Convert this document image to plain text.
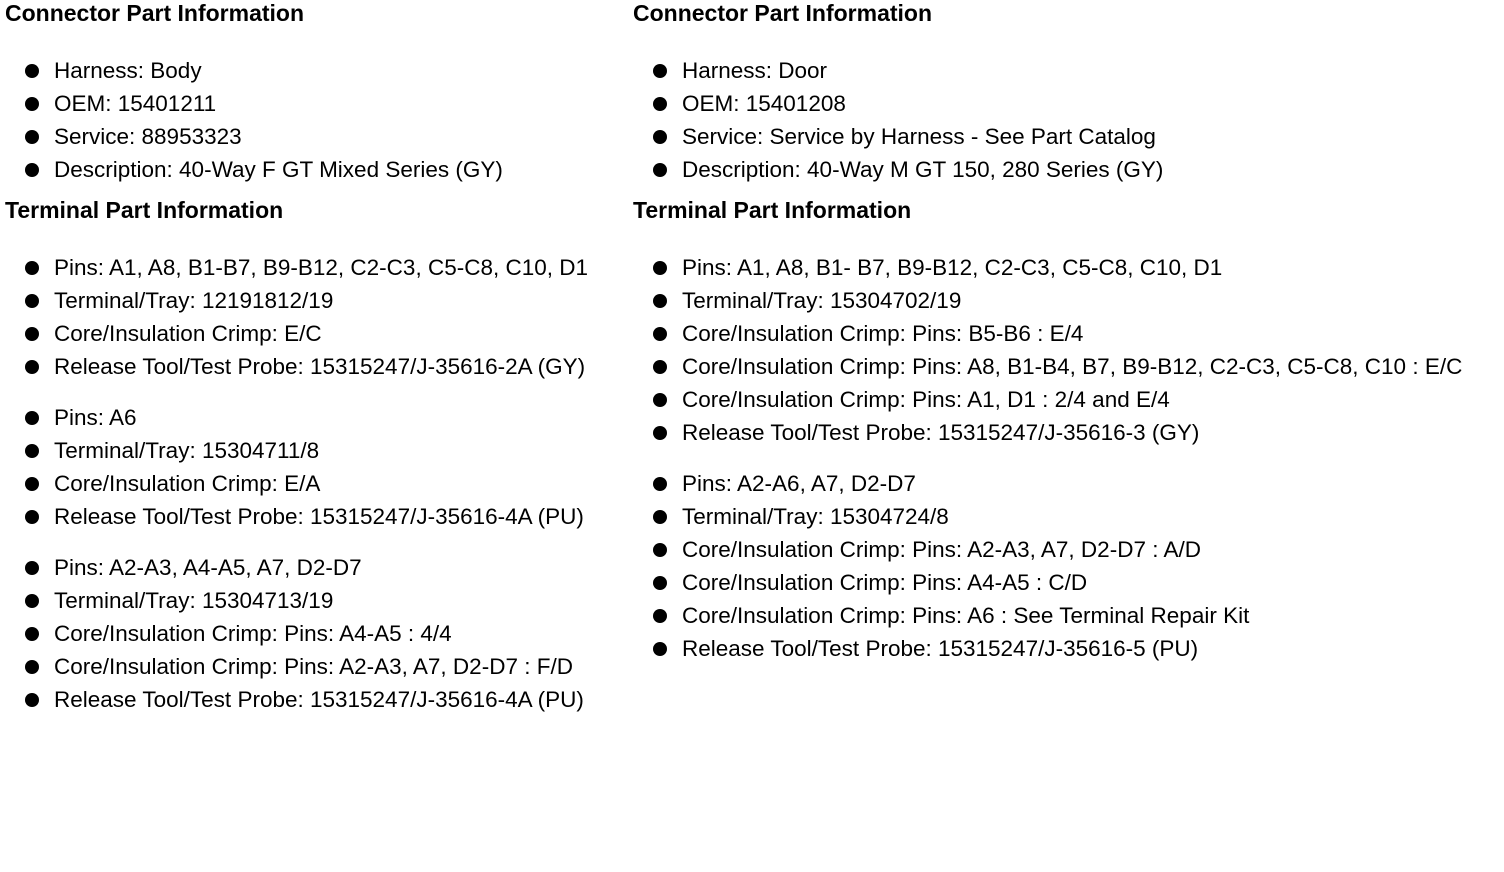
Connector Part Information
Harness: Body
OEM: 15401211
Service: 88953323
Description: 40-Way F GT Mixed Series (GY)
Terminal Part Information
Pins: A1, A8, B1-B7, B9-B12, C2-C3, C5-C8, C10, D1
Terminal/Tray: 12191812/19
Core/Insulation Crimp: E/C
Release Tool/Test Probe: 15315247/J-35616-2A (GY)
Pins: A6
Terminal/Tray: 15304711/8
Core/Insulation Crimp: E/A
Release Tool/Test Probe: 15315247/J-35616-4A (PU)
Pins: A2-A3, A4-A5, A7, D2-D7
Terminal/Tray: 15304713/19
Core/Insulation Crimp: Pins: A4-A5 : 4/4
Core/Insulation Crimp: Pins: A2-A3, A7, D2-D7 : F/D
Release Tool/Test Probe: 15315247/J-35616-4A (PU)
Connector Part Information
Harness: Door
OEM: 15401208
Service: Service by Harness - See Part Catalog
Description: 40-Way M GT 150, 280 Series (GY)
Terminal Part Information
Pins: A1, A8, B1- B7, B9-B12, C2-C3, C5-C8, C10, D1
Terminal/Tray: 15304702/19
Core/Insulation Crimp: Pins: B5-B6 : E/4
Core/Insulation Crimp: Pins: A8, B1-B4, B7, B9-B12, C2-C3, C5-C8, C10 : E/C
Core/Insulation Crimp: Pins: A1, D1 : 2/4 and E/4
Release Tool/Test Probe: 15315247/J-35616-3 (GY)
Pins: A2-A6, A7, D2-D7
Terminal/Tray: 15304724/8
Core/Insulation Crimp: Pins: A2-A3, A7, D2-D7 : A/D
Core/Insulation Crimp: Pins: A4-A5 : C/D
Core/Insulation Crimp: Pins: A6 : See Terminal Repair Kit
Release Tool/Test Probe: 15315247/J-35616-5 (PU)
